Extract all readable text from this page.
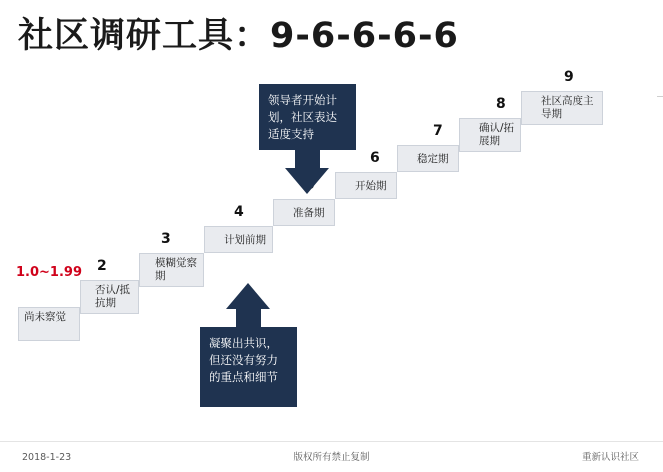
社区调研工具：9-6-6-6-6
尚未察觉
1.0~1.99
否认/抵抗期
2	模糊觉察期
3	计划前期
4	准备期
5	开始期
6	稳定期
7	确认/拓展期
8	社区高度主导期
9
领导者开始计划，社区表达适度支持
凝聚出共识，但还没有努力的重点和细节
2018-1-23	版权所有禁止复制	重新认识社区
